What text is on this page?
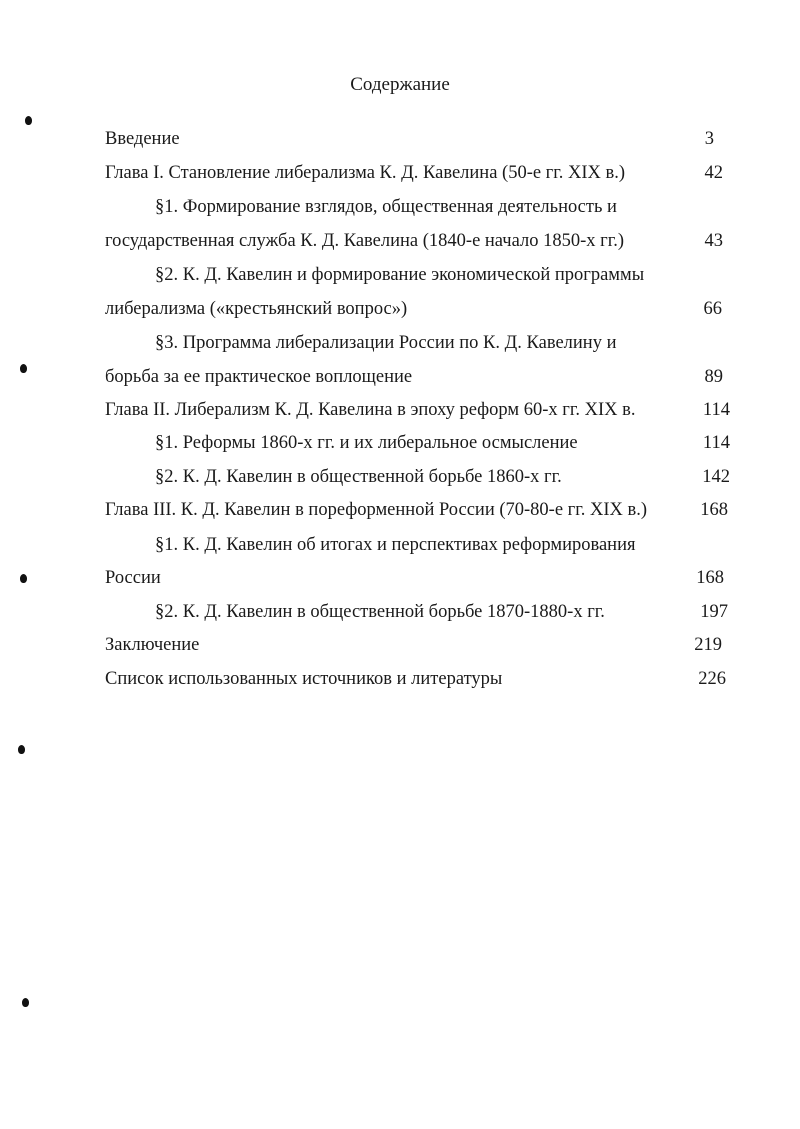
Содержание
Введение	3
Глава I. Становление либерализма К. Д. Кавелина (50-е гг. XIX в.)	42
§1. Формирование взглядов, общественная деятельность и
государственная служба К. Д. Кавелина (1840-е начало 1850-х гг.)	43
§2. К. Д. Кавелин и формирование экономической программы
либерализма («крестьянский вопрос»)	66
§3. Программа либерализации России по К. Д. Кавелину и
борьба за ее практическое воплощение	89
Глава II. Либерализм К. Д. Кавелина в эпоху реформ 60-х гг. XIX в.	114
§1. Реформы 1860-х гг. и их либеральное осмысление	114
§2. К. Д. Кавелин в общественной борьбе 1860-х гг.	142
Глава III. К. Д. Кавелин в пореформенной России (70-80-е гг. XIX в.)	168
§1. К. Д. Кавелин об итогах и перспективах реформирования
России	168
§2. К. Д. Кавелин в общественной борьбе 1870-1880-х гг.	197
Заключение	219
Список использованных источников и литературы	226
